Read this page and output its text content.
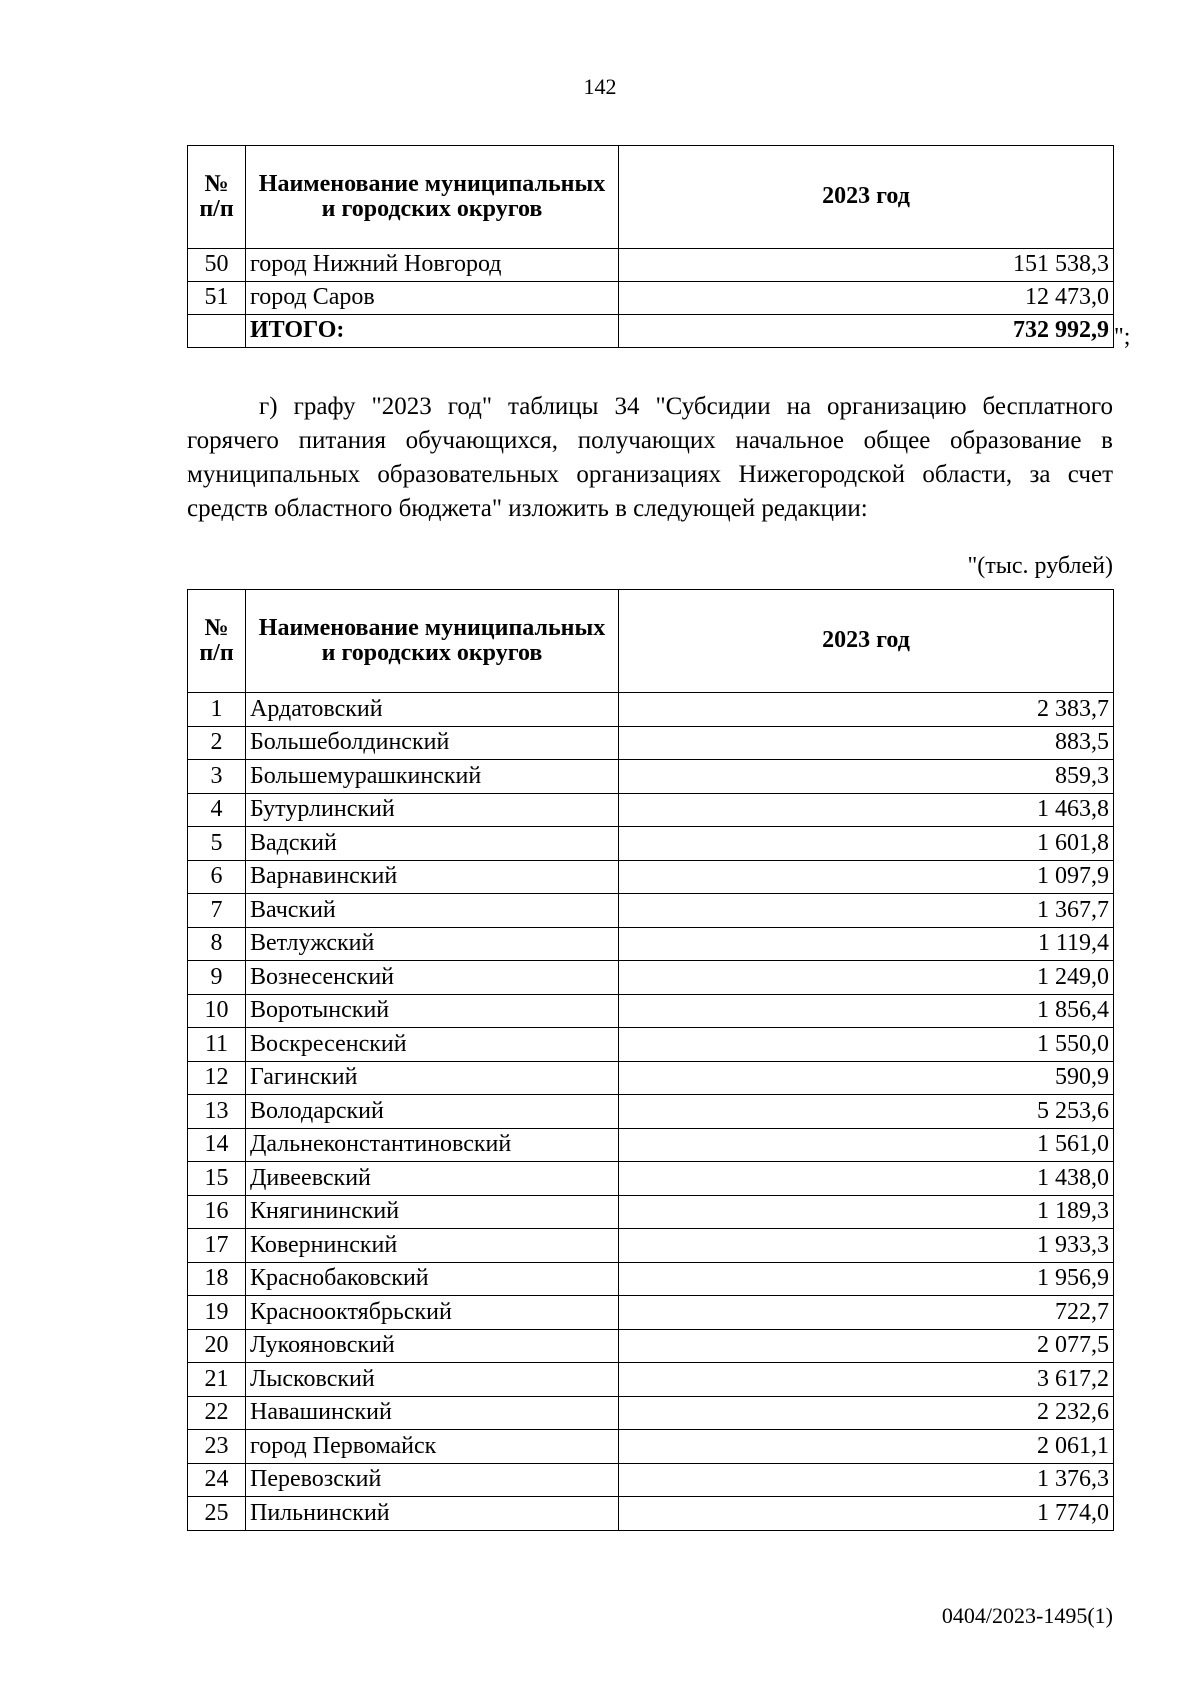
142
№ п/п	Наименование муниципальных и городских округов	2023 год
50	город Нижний Новгород	151 538,3
51	город Саров	12 473,0
	ИТОГО:	732 992,9 ";

г) графу "2023 год" таблицы 34 "Субсидии на организацию бесплатного горячего питания обучающихся, получающих начальное общее образование в муниципальных образовательных организациях Нижегородской области, за счет средств областного бюджета" изложить в следующей редакции:

"(тыс. рублей)
№ п/п	Наименование муниципальных и городских округов	2023 год
1	Ардатовский	2 383,7
2	Большеболдинский	883,5
3	Большемурашкинский	859,3
4	Бутурлинский	1 463,8
5	Вадский	1 601,8
6	Варнавинский	1 097,9
7	Вачский	1 367,7
8	Ветлужский	1 119,4
9	Вознесенский	1 249,0
10	Воротынский	1 856,4
11	Воскресенский	1 550,0
12	Гагинский	590,9
13	Володарский	5 253,6
14	Дальнеконстантиновский	1 561,0
15	Дивеевский	1 438,0
16	Княгининский	1 189,3
17	Ковернинский	1 933,3
18	Краснобаковский	1 956,9
19	Краснооктябрьский	722,7
20	Лукояновский	2 077,5
21	Лысковский	3 617,2
22	Навашинский	2 232,6
23	город Первомайск	2 061,1
24	Перевозский	1 376,3
25	Пильнинский	1 774,0
0404/2023-1495(1)
